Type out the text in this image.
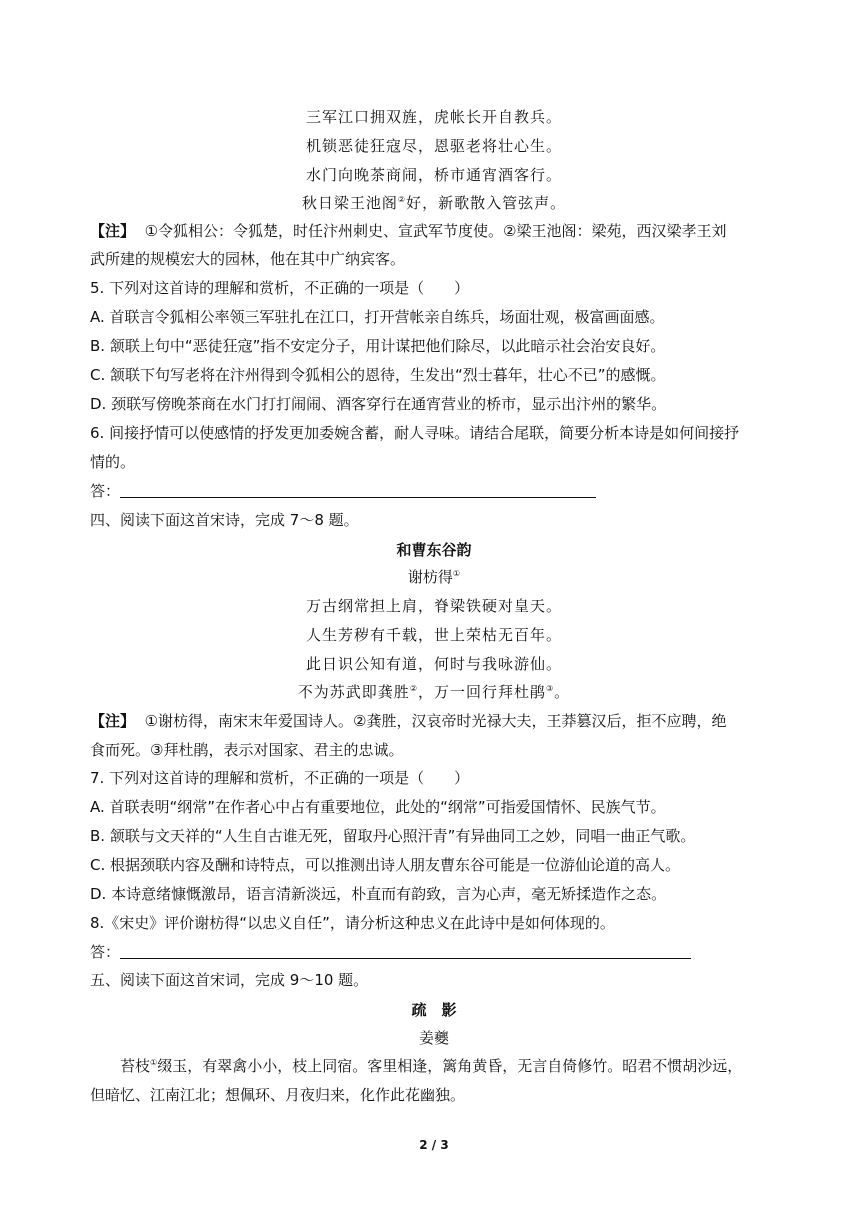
三军江口拥双旌，虎帐长开自教兵。
机锁恶徒狂寇尽，恩驱老将壮心生。
水门向晚茶商闹，桥市通宵酒客行。
秋日梁王池阁②好，新歌散入管弦声。
【注】 ①令狐相公：令狐楚，时任汴州刺史、宣武军节度使。②梁王池阁：梁苑，西汉梁孝王刘
武所建的规模宏大的园林，他在其中广纳宾客。
5. 下列对这首诗的理解和赏析，不正确的一项是（　　）
A. 首联言令狐相公率领三军驻扎在江口，打开营帐亲自练兵，场面壮观，极富画面感。
B. 颔联上句中“恶徒狂寇”指不安定分子，用计谋把他们除尽，以此暗示社会治安良好。
C. 颔联下句写老将在汴州得到令狐相公的恩待，生发出“烈士暮年，壮心不已”的感慨。
D. 颈联写傍晚茶商在水门打打闹闹、酒客穿行在通宵营业的桥市，显示出汴州的繁华。
6. 间接抒情可以使感情的抒发更加委婉含蓄，耐人寻味。请结合尾联，简要分析本诗是如何间接抒
情的。
答：
四、阅读下面这首宋诗，完成 7～8 题。
和曹东谷韵
谢枋得①
万古纲常担上肩，脊梁铁硬对皇天。
人生芳秽有千载，世上荣枯无百年。
此日识公知有道，何时与我咏游仙。
不为苏武即龚胜②，万一回行拜杜鹃③。
【注】 ①谢枋得，南宋末年爱国诗人。②龚胜，汉哀帝时光禄大夫，王莽篡汉后，拒不应聘，绝
食而死。③拜杜鹃，表示对国家、君主的忠诚。
7. 下列对这首诗的理解和赏析，不正确的一项是（　　）
A. 首联表明“纲常”在作者心中占有重要地位，此处的“纲常”可指爱国情怀、民族气节。
B. 颔联与文天祥的“人生自古谁无死，留取丹心照汗青”有异曲同工之妙，同唱一曲正气歌。
C. 根据颈联内容及酬和诗特点，可以推测出诗人朋友曹东谷可能是一位游仙论道的高人。
D. 本诗意绪慷慨激昂，语言清新淡远，朴直而有韵致，言为心声，毫无矫揉造作之态。
8.《宋史》评价谢枋得“以忠义自任”，请分析这种忠义在此诗中是如何体现的。
答：
五、阅读下面这首宋词，完成 9～10 题。
疏　影
姜夔
苔枝①缀玉，有翠禽小小，枝上同宿。客里相逢，篱角黄昏，无言自倚修竹。昭君不惯胡沙远，
但暗忆、江南江北；想佩环、月夜归来，化作此花幽独。
2 / 3
